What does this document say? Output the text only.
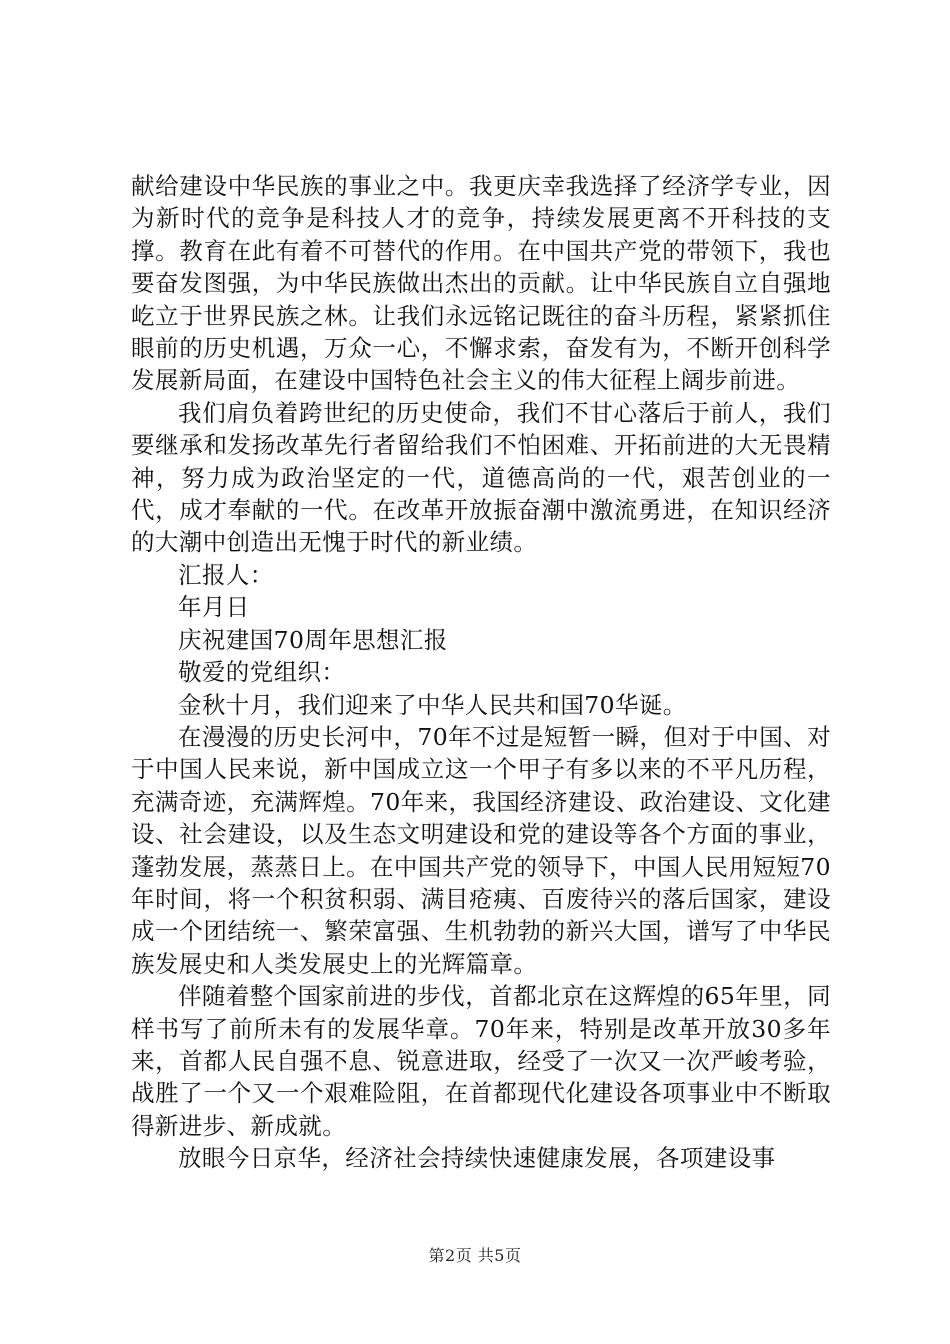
献给建设中华民族的事业之中。我更庆幸我选择了经济学专业，因为新时代的竞争是科技人才的竞争，持续发展更离不开科技的支撑。教育在此有着不可替代的作用。在中国共产党的带领下，我也要奋发图强，为中华民族做出杰出的贡献。让中华民族自立自强地屹立于世界民族之林。让我们永远铭记既往的奋斗历程，紧紧抓住眼前的历史机遇，万众一心，不懈求索，奋发有为，不断开创科学发展新局面，在建设中国特色社会主义的伟大征程上阔步前进。

我们肩负着跨世纪的历史使命，我们不甘心落后于前人，我们要继承和发扬改革先行者留给我们不怕困难、开拓前进的大无畏精神，努力成为政治坚定的一代，道德高尚的一代，艰苦创业的一代，成才奉献的一代。在改革开放振奋潮中激流勇进，在知识经济的大潮中创造出无愧于时代的新业绩。

汇报人：

年月日

庆祝建国70周年思想汇报

敬爱的党组织：

金秋十月，我们迎来了中华人民共和国70华诞。

在漫漫的历史长河中，70年不过是短暂一瞬，但对于中国、对于中国人民来说，新中国成立这一个甲子有多以来的不平凡历程，充满奇迹，充满辉煌。70年来，我国经济建设、政治建设、文化建设、社会建设，以及生态文明建设和党的建设等各个方面的事业，蓬勃发展，蒸蒸日上。在中国共产党的领导下，中国人民用短短70年时间，将一个积贫积弱、满目疮痍、百废待兴的落后国家，建设成一个团结统一、繁荣富强、生机勃勃的新兴大国，谱写了中华民族发展史和人类发展史上的光辉篇章。

伴随着整个国家前进的步伐，首都北京在这辉煌的65年里，同样书写了前所未有的发展华章。70年来，特别是改革开放30多年来，首都人民自强不息、锐意进取，经受了一次又一次严峻考验，战胜了一个又一个艰难险阻，在首都现代化建设各项事业中不断取得新进步、新成就。

放眼今日京华，经济社会持续快速健康发展，各项建设事

第2页 共5页
